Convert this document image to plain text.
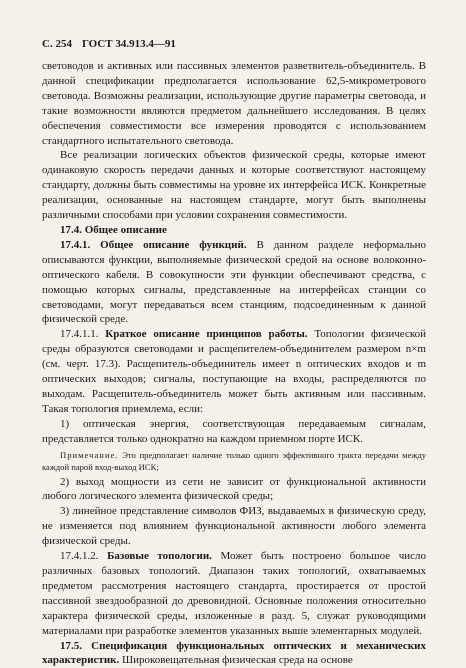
С. 254 ГОСТ 34.913.4—91

световодов и активных или пассивных элементов разветвитель-объединитель. В данной спецификации предполагается использование 62,5-микрометрового световода. Возможны реализации, использующие другие параметры световода, и такие возможности являются предметом дальнейшего исследования. В целях обеспечения совместимости все измерения проводятся с использованием стандартного испытательного световода.

Все реализации логических объектов физической среды, которые имеют одинаковую скорость передачи данных и которые соответствуют настоящему стандарту, должны быть совместимы на уровне их интерфейса ИСК. Конкретные реализации, основанные на настоящем стандарте, могут быть выполнены различными способами при условии сохранения совместимости.

17.4. Общее описание

17.4.1. Общее описание функций. В данном разделе неформально описываются функции, выполняемые физической средой на основе волоконно-оптического кабеля. В совокупности эти функции обеспечивают средства, с помощью которых сигналы, представленные на интерфейсах станции со световодами, могут передаваться всем станциям, подсоединенным к данной физической среде.

17.4.1.1. Краткое описание принципов работы. Топологии физической среды образуются световодами и расщепителем-объединителем размером n×m (см. черт. 17.3). Расщепитель-объединитель имеет n оптических входов и m оптических выходов; сигналы, поступающие на входы, распределяются по выходам. Расщепитель-объединитель может быть активным или пассивным. Такая топология приемлема, если:

1) оптическая энергия, соответствующая передаваемым сигналам, представляется только однократно на каждом приемном порте ИСК.

Примечание. Это предполагает наличие только одного эффективного тракта передачи между каждой парой вход-выход ИСК;

2) выход мощности из сети не зависит от функциональной активности любого логического элемента физической среды;

3) линейное представление символов ФИЗ, выдаваемых в физическую среду, не изменяется под влиянием функциональной активности любого элемента физической среды.

17.4.1.2. Базовые топологии. Может быть построено большое число различных базовых топологий. Диапазон таких топологий, охватываемых предметом рассмотрения настоящего стандарта, простирается от простой пассивной звездообразной до древовидной. Основные положения относительно характера физической среды, изложенные в разд. 5, служат руководящими материалами при разработке элементов указанных выше элементарных модулей.

17.5. Спецификация функциональных оптических и механических характеристик. Широковещательная физическая среда на основе
